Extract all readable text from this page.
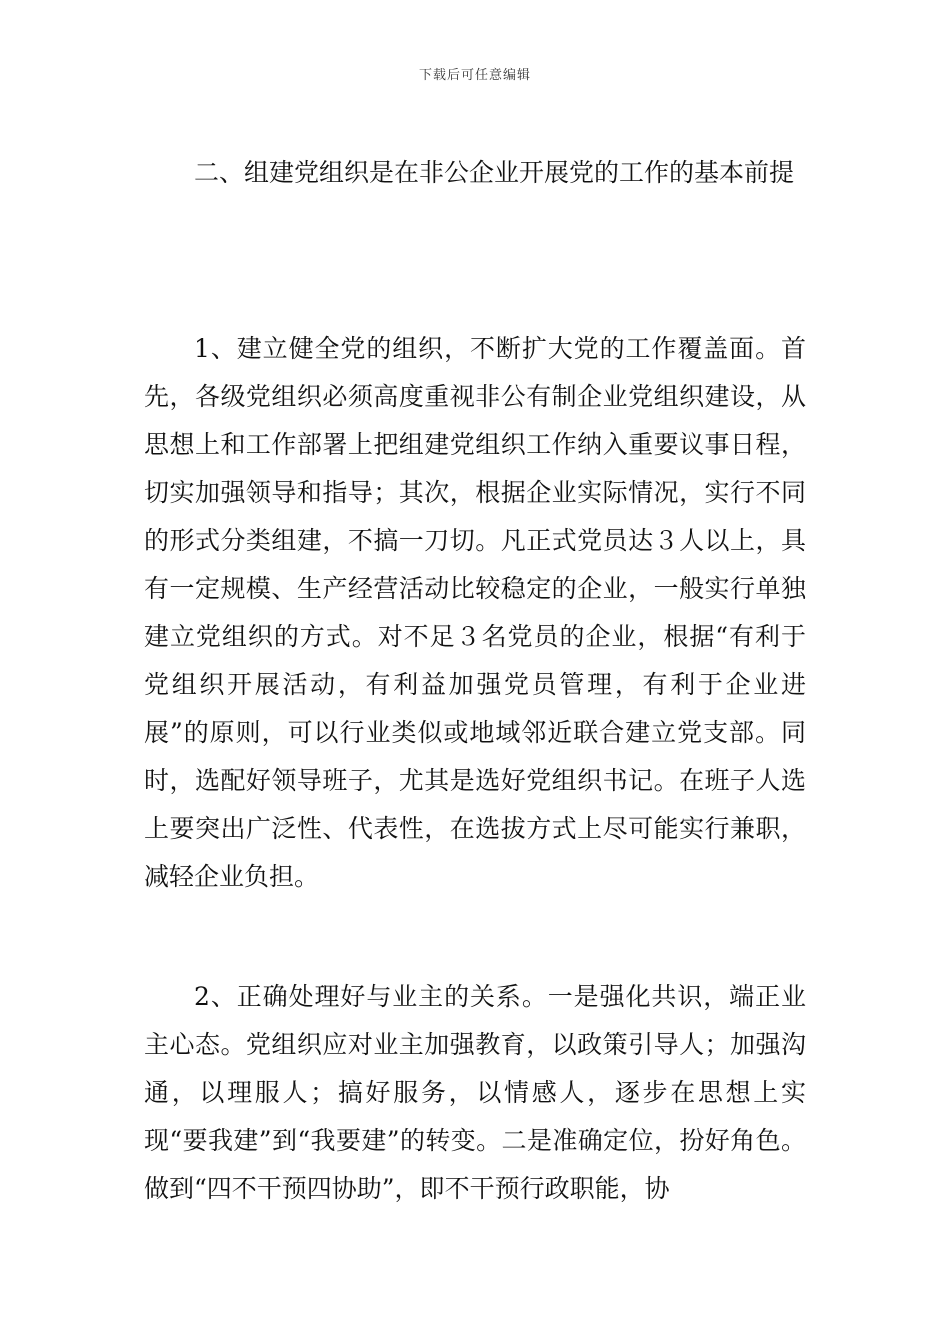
下载后可任意编辑

二、组建党组织是在非公企业开展党的工作的基本前提

1、建立健全党的组织，不断扩大党的工作覆盖面。首先，各级党组织必须高度重视非公有制企业党组织建设，从思想上和工作部署上把组建党组织工作纳入重要议事日程，切实加强领导和指导；其次，根据企业实际情况，实行不同的形式分类组建，不搞一刀切。凡正式党员达３人以上，具有一定规模、生产经营活动比较稳定的企业，一般实行单独建立党组织的方式。对不足３名党员的企业，根据“有利于党组织开展活动，有利益加强党员管理，有利于企业进展”的原则，可以行业类似或地域邻近联合建立党支部。同时，选配好领导班子，尤其是选好党组织书记。在班子人选上要突出广泛性、代表性，在选拔方式上尽可能实行兼职，减轻企业负担。

2、正确处理好与业主的关系。一是强化共识，端正业主心态。党组织应对业主加强教育，以政策引导人；加强沟通，以理服人；搞好服务，以情感人，逐步在思想上实现“要我建”到“我要建”的转变。二是准确定位，扮好角色。做到“四不干预四协助”，即不干预行政职能，协
